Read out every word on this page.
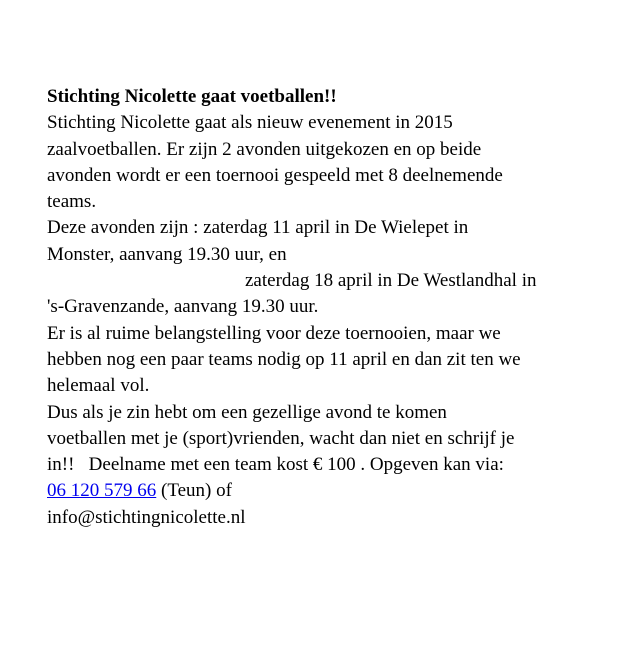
Stichting Nicolette gaat voetballen!!
Stichting Nicolette gaat als nieuw evenement in 2015
zaalvoetballen. Er zijn 2 avonden uitgekozen en op beide
avonden wordt er een toernooi gespeeld met 8 deelnemende
teams.
Deze avonden zijn : zaterdag 11 april in De Wielepet in
Monster, aanvang 19.30 uur, en
zaterdag 18 april in De Westlandhal in
's-Gravenzande, aanvang 19.30 uur.
Er is al ruime belangstelling voor deze toernooien, maar we
hebben nog een paar teams nodig op 11 april en dan zit ten we
helemaal vol.
Dus als je zin hebt om een gezellige avond te komen
voetballen met je (sport)vrienden, wacht dan niet en schrijf je
in!!   Deelname met een team kost € 100 . Opgeven kan via:
06 120 579 66 (Teun) of
info@stichtingnicolette.nl
